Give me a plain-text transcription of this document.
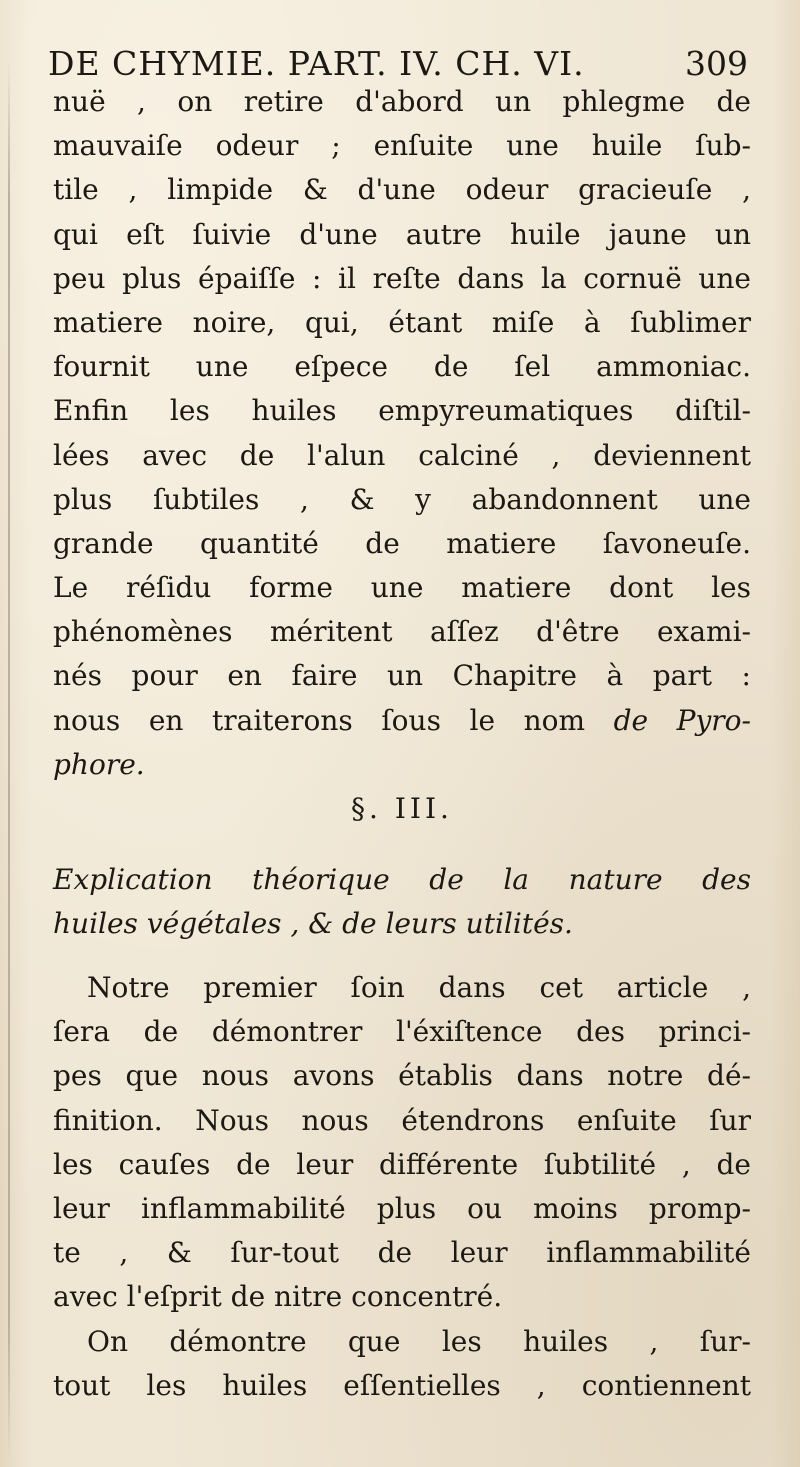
DE CHYMIE. PART. IV. CH. VI.	309
nuë , on retire d'abord un phlegme de
mauvaiſe odeur ; enſuite une huile ſub-
tile , limpide & d'une odeur gracieuſe ,
qui eſt ſuivie d'une autre huile jaune un
peu plus épaiſſe : il reſte dans la cornuë une
matiere noire, qui, étant miſe à ſublimer
fournit une eſpece de ſel ammoniac.
Enfin les huiles empyreumatiques diſtil-
lées avec de l'alun calciné , deviennent
plus ſubtiles , & y abandonnent une
grande quantité de matiere ſavoneuſe.
Le réſidu forme une matiere dont les
phénomènes méritent aſſez d'être exami-
nés pour en faire un Chapitre à part :
nous en traiterons ſous le nom de Pyro-
phore.
§. III.
Explication théorique de la nature des
huiles végétales , & de leurs utilités.
Notre premier ſoin dans cet article ,
ſera de démontrer l'éxiſtence des princi-
pes que nous avons établis dans notre dé-
finition. Nous nous étendrons enſuite ſur
les cauſes de leur différente ſubtilité , de
leur inflammabilité plus ou moins promp-
te , & ſur-tout de leur inflammabilité
avec l'eſprit de nitre concentré.
On démontre que les huiles , ſur-
tout les huiles eſſentielles , contiennent
